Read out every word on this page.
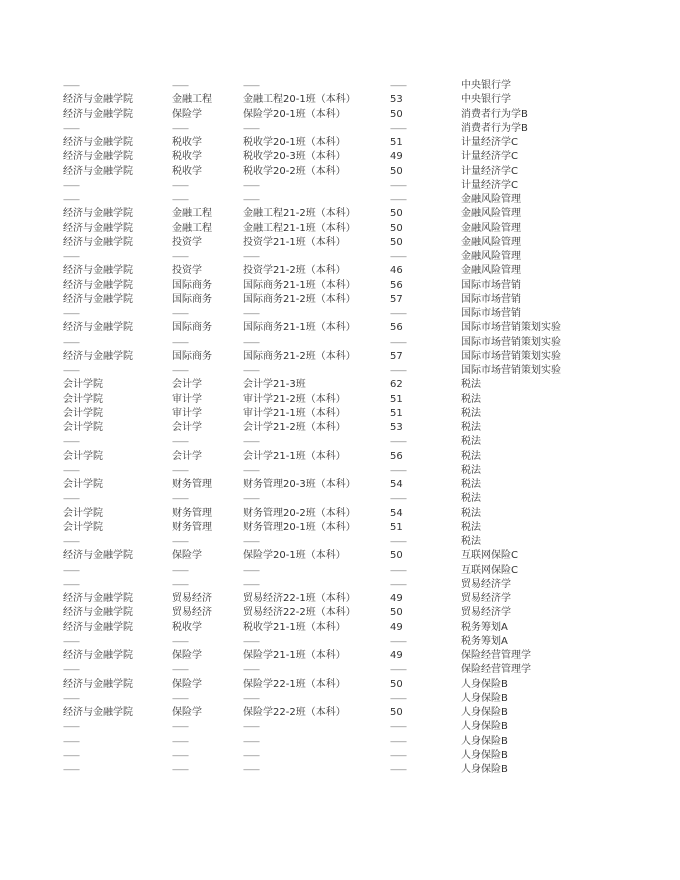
——	——	——	——	中央银行学
经济与金融学院	金融工程	金融工程20-1班（本科）	53	中央银行学
经济与金融学院	保险学	保险学20-1班（本科）	50	消费者行为学B
——	——	——	——	消费者行为学B
经济与金融学院	税收学	税收学20-1班（本科）	51	计量经济学C
经济与金融学院	税收学	税收学20-3班（本科）	49	计量经济学C
经济与金融学院	税收学	税收学20-2班（本科）	50	计量经济学C
——	——	——	——	计量经济学C
——	——	——	——	金融风险管理
经济与金融学院	金融工程	金融工程21-2班（本科）	50	金融风险管理
经济与金融学院	金融工程	金融工程21-1班（本科）	50	金融风险管理
经济与金融学院	投资学	投资学21-1班（本科）	50	金融风险管理
——	——	——	——	金融风险管理
经济与金融学院	投资学	投资学21-2班（本科）	46	金融风险管理
经济与金融学院	国际商务	国际商务21-1班（本科）	56	国际市场营销
经济与金融学院	国际商务	国际商务21-2班（本科）	57	国际市场营销
——	——	——	——	国际市场营销
经济与金融学院	国际商务	国际商务21-1班（本科）	56	国际市场营销策划实验
——	——	——	——	国际市场营销策划实验
经济与金融学院	国际商务	国际商务21-2班（本科）	57	国际市场营销策划实验
——	——	——	——	国际市场营销策划实验
会计学院	会计学	会计学21-3班	62	税法
会计学院	审计学	审计学21-2班（本科）	51	税法
会计学院	审计学	审计学21-1班（本科）	51	税法
会计学院	会计学	会计学21-2班（本科）	53	税法
——	——	——	——	税法
会计学院	会计学	会计学21-1班（本科）	56	税法
——	——	——	——	税法
会计学院	财务管理	财务管理20-3班（本科）	54	税法
——	——	——	——	税法
会计学院	财务管理	财务管理20-2班（本科）	54	税法
会计学院	财务管理	财务管理20-1班（本科）	51	税法
——	——	——	——	税法
经济与金融学院	保险学	保险学20-1班（本科）	50	互联网保险C
——	——	——	——	互联网保险C
——	——	——	——	贸易经济学
经济与金融学院	贸易经济	贸易经济22-1班（本科）	49	贸易经济学
经济与金融学院	贸易经济	贸易经济22-2班（本科）	50	贸易经济学
经济与金融学院	税收学	税收学21-1班（本科）	49	税务筹划A
——	——	——	——	税务筹划A
经济与金融学院	保险学	保险学21-1班（本科）	49	保险经营管理学
——	——	——	——	保险经营管理学
经济与金融学院	保险学	保险学22-1班（本科）	50	人身保险B
——	——	——	——	人身保险B
经济与金融学院	保险学	保险学22-2班（本科）	50	人身保险B
——	——	——	——	人身保险B
——	——	——	——	人身保险B
——	——	——	——	人身保险B
——	——	——	——	人身保险B
